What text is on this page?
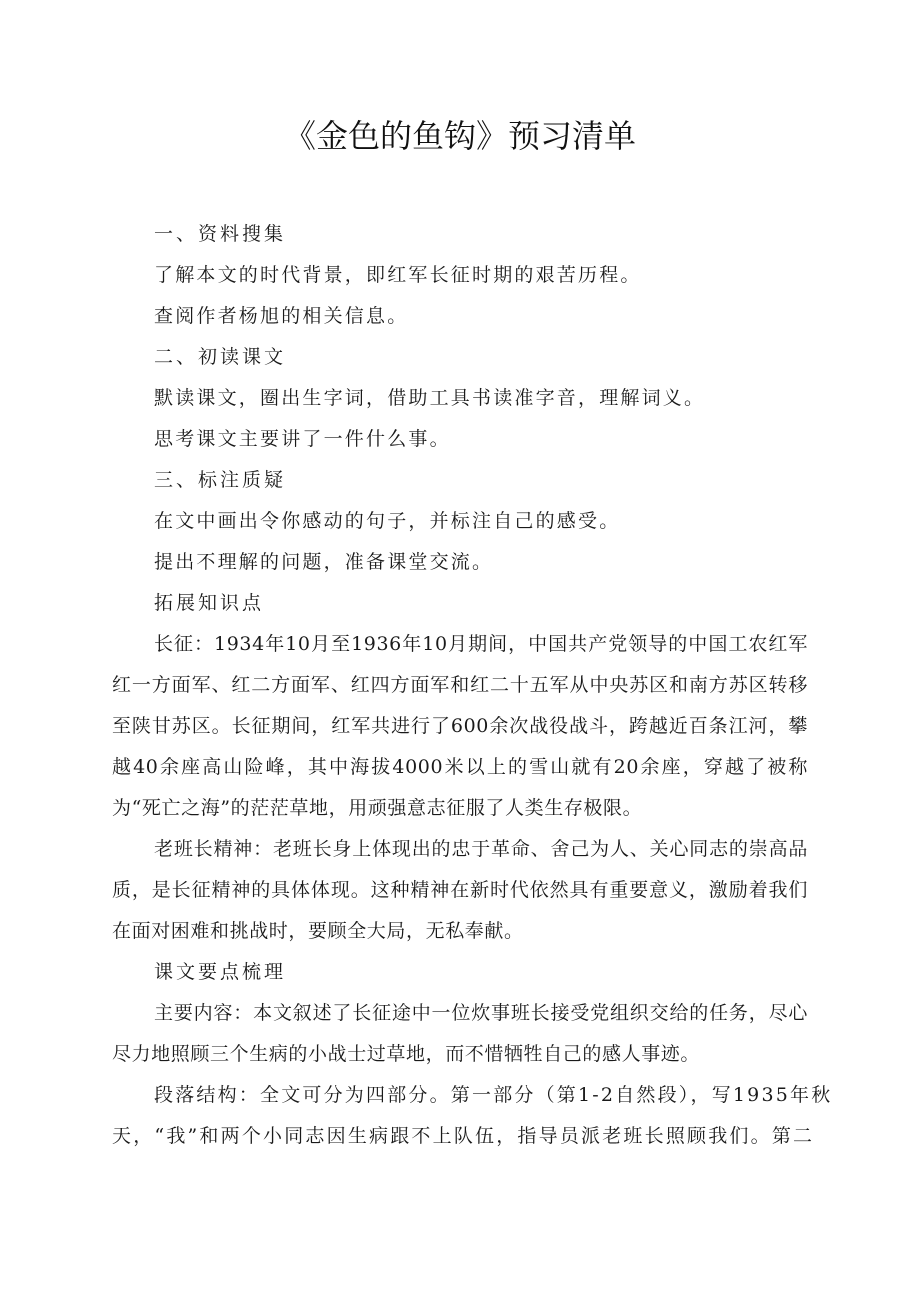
《金色的鱼钩》预习清单

一、资料搜集

了解本文的时代背景，即红军长征时期的艰苦历程。

查阅作者杨旭的相关信息。

二、初读课文

默读课文，圈出生字词，借助工具书读准字音，理解词义。

思考课文主要讲了一件什么事。

三、标注质疑

在文中画出令你感动的句子，并标注自己的感受。

提出不理解的问题，准备课堂交流。

拓展知识点

长征：1934年10月至1936年10月期间，中国共产党领导的中国工农红军红一方面军、红二方面军、红四方面军和红二十五军从中央苏区和南方苏区转移至陕甘苏区。长征期间，红军共进行了600余次战役战斗，跨越近百条江河，攀越40余座高山险峰，其中海拔4000米以上的雪山就有20余座，穿越了被称为“死亡之海”的茫茫草地，用顽强意志征服了人类生存极限。

老班长精神：老班长身上体现出的忠于革命、舍己为人、关心同志的崇高品质，是长征精神的具体体现。这种精神在新时代依然具有重要意义，激励着我们在面对困难和挑战时，要顾全大局，无私奉献。

课文要点梳理

主要内容：本文叙述了长征途中一位炊事班长接受党组织交给的任务，尽心尽力地照顾三个生病的小战士过草地，而不惜牺牲自己的感人事迹。

段落结构：全文可分为四部分。第一部分（第1-2自然段），写1935年秋

天，“我”和两个小同志因生病跟不上队伍，指导员派老班长照顾我们。第二
